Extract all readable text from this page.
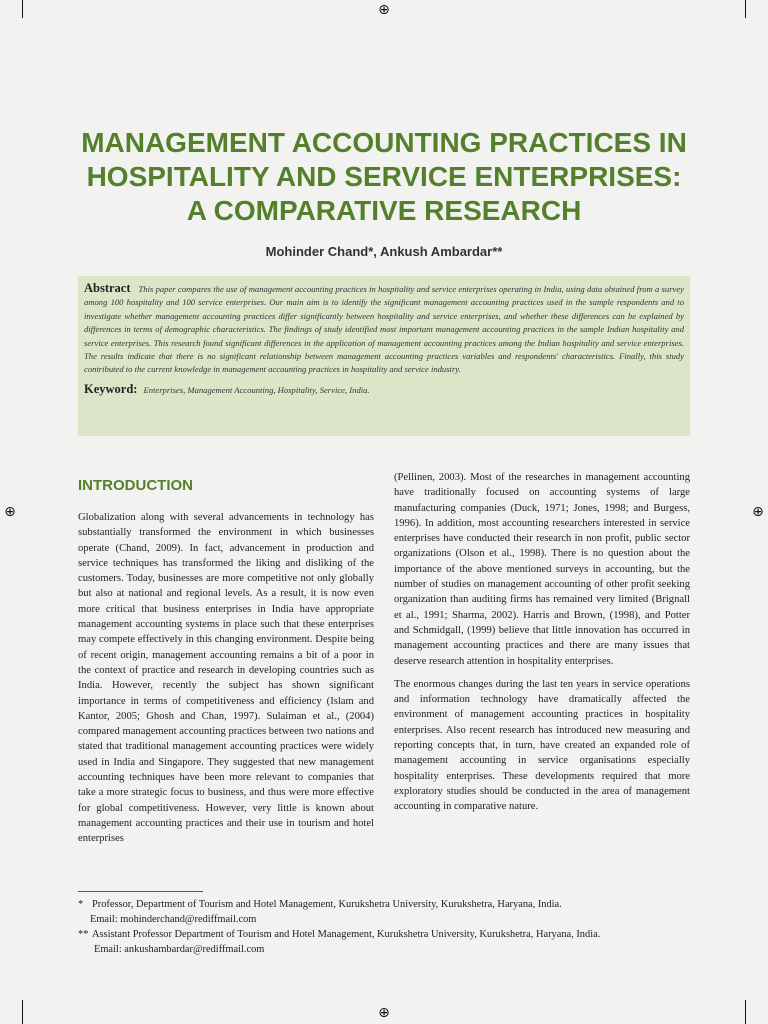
⊕
⊕	⊕
⊕
MANAGEMENT ACCOUNTING PRACTICES IN
HOSPITALITY AND SERVICE ENTERPRISES:
A COMPARATIVE RESEARCH

Mohinder Chand*, Ankush Ambardar**

Abstract This paper compares the use of management accounting practices in hospitality and service enterprises operating in India, using data obtained from a survey among 100 hospitality and 100 service enterprises. Our main aim is to identify the significant management accounting practices used in the sample respondents and to investigate whether management accounting practices differ significantly between hospitality and service enterprises, and whether these differences can be explained by differences in terms of demographic characteristics. The findings of study identified most important management accounting practices in the sample Indian hospitality and service enterprises. This research found significant differences in the application of management accounting practices among the Indian hospitality and service enterprises. The results indicate that there is no significant relationship between management accounting practices variables and respondents' characteristics. Finally, this study contributed to the current knowledge in management accounting practices in hospitality and service industry.

Keyword: Enterprises, Management Accounting, Hospitality, Service, India.

INTRODUCTION

Globalization along with several advancements in technology has substantially transformed the environment in which businesses operate (Chand, 2009). In fact, advancement in production and service techniques has transformed the liking and disliking of the customers. Today, businesses are more competitive not only globally but also at national and regional levels. As a result, it is now even more critical that business enterprises in India have appropriate management accounting systems in place such that these enterprises may compete effectively in this changing environment. Despite being of recent origin, management accounting remains a bit of a poor in the context of practice and research in developing countries such as India. However, recently the subject has shown significant importance in terms of competitiveness and efficiency (Islam and Kantor, 2005; Ghosh and Chan, 1997). Sulaiman et al., (2004) compared management accounting practices between two nations and stated that traditional management accounting practices were widely used in India and Singapore. They suggested that new management accounting techniques have been more relevant to companies that take a more strategic focus to business, and thus were more effective for global competitiveness. However, very little is known about management accounting practices and their use in tourism and hotel enterprises

(Pellinen, 2003). Most of the researches in management accounting have traditionally focused on accounting systems of large manufacturing companies (Duck, 1971; Jones, 1998; and Burgess, 1996). In addition, most accounting researchers interested in service enterprises have conducted their research in non profit, public sector organizations (Olson et al., 1998). There is no question about the importance of the above mentioned surveys in accounting, but the number of studies on management accounting of other profit seeking organization than auditing firms has remained very limited (Brignall et al., 1991; Sharma, 2002). Harris and Brown, (1998), and Potter and Schmidgall, (1999) believe that little innovation has occurred in management accounting practices and there are many issues that deserve research attention in hospitality enterprises.

The enormous changes during the last ten years in service operations and information technology have dramatically affected the environment of management accounting practices in hospitality enterprises. Also recent research has introduced new measuring and reporting concepts that, in turn, have created an expanded role of management accounting in service organisations especially hospitality enterprises. These developments required that more exploratory studies should be conducted in the area of management accounting in comparative nature.

* Professor, Department of Tourism and Hotel Management, Kurukshetra University, Kurukshetra, Haryana, India.

Email: mohinderchand@rediffmail.com

** Assistant Professor Department of Tourism and Hotel Management, Kurukshetra University, Kurukshetra, Haryana, India.

Email: ankushambardar@rediffmail.com
